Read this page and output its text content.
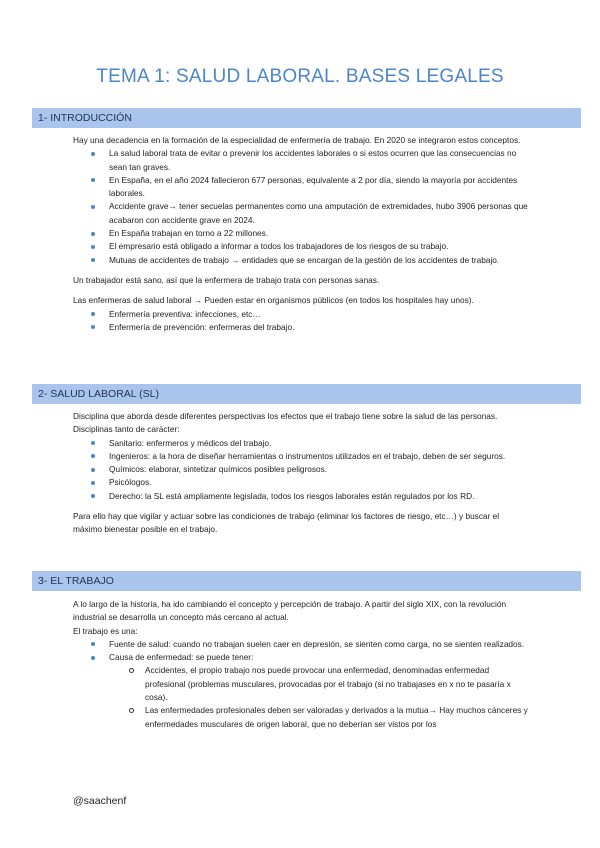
TEMA 1: SALUD LABORAL. BASES LEGALES
1- INTRODUCCIÓN

Hay una decadencia en la formación de la especialidad de enfermería de trabajo. En 2020 se integraron estos conceptos.

La salud laboral trata de evitar o prevenir los accidentes laborales o si estos ocurren que las consecuencias no sean tan graves.
En España, en el año 2024 fallecieron 677 personas, equivalente a 2 por día, siendo la mayoría por accidentes laborales.
Accidente grave→ tener secuelas permanentes como una amputación de extremidades, hubo 3906 personas que acabaron con accidente grave en 2024.
En España trabajan en torno a 22 millones.
El empresario está obligado a informar a todos los trabajadores de los riesgos de su trabajo.
Mutuas de accidentes de trabajo → entidades que se encargan de la gestión de los accidentes de trabajo.

Un trabajador está sano, así que la enfermera de trabajo trata con personas sanas.

Las enfermeras de salud laboral → Pueden estar en organismos públicos (en todos los hospitales hay unos).

Enfermería preventiva: infecciones, etc…
Enfermería de prevención: enfermeras del trabajo.
2- SALUD LABORAL (SL)

Disciplina que aborda desde diferentes perspectivas los efectos que el trabajo tiene sobre la salud de las personas. Disciplinas tanto de carácter:

Sanitario: enfermeros y médicos del trabajo.
Ingenieros: a la hora de diseñar herramientas o instrumentos utilizados en el trabajo, deben de ser seguros.
Químicos: elaborar, sintetizar químicos posibles peligrosos.
Psicólogos.
Derecho: la SL está ampliamente legislada, todos los riesgos laborales están regulados por los RD.

Para ello hay que vigilar y actuar sobre las condiciones de trabajo (eliminar los factores de riesgo, etc…) y buscar el máximo bienestar posible en el trabajo.

3- EL TRABAJO

A lo largo de la historia, ha ido cambiando el concepto y percepción de trabajo. A partir del siglo XIX, con la revolución industrial se desarrolla un concepto más cercano al actual.

El trabajo es una:

Fuente de salud: cuando no trabajan suelen caer en depresión, se sienten como carga, no se sienten realizados.
Causa de enfermedad: se puede tener:
Accidentes, el propio trabajo nos puede provocar una enfermedad, denominadas enfermedad profesional (problemas musculares, provocadas por el trabajo (si no trabajases en x no te pasaría x cosa).
Las enfermedades profesionales deben ser valoradas y derivados a la mutua→ Hay muchos cánceres y enfermedades musculares de origen laboral, que no deberían ser vistos por los
@saachenf
